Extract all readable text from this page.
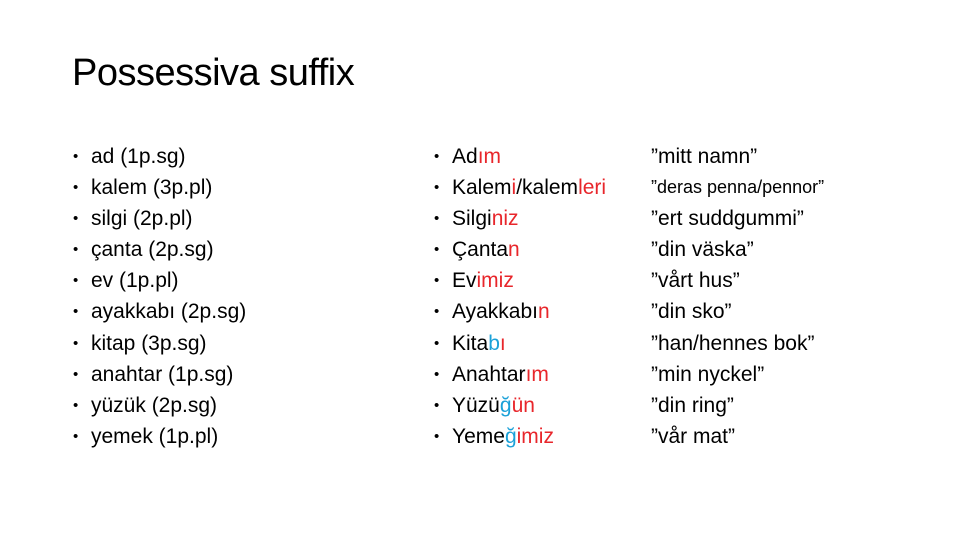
Possessiva suffix
• ad (1p.sg)
• kalem (3p.pl)
• silgi (2p.pl)
• çanta (2p.sg)
• ev (1p.pl)
• ayakkabı (2p.sg)
• kitap (3p.sg)
• anahtar (1p.sg)
• yüzük (2p.sg)
• yemek (1p.pl)
• Adım
• Kalemi/kalemleri
• Silginiz
• Çantan
• Evimiz
• Ayakkabın
• Kitabı
• Anahtarım
• Yüzüğün
• Yemeğimiz
”mitt namn”
”deras penna/pennor”
”ert suddgummi”
”din väska”
”vårt hus”
”din sko”
”han/hennes bok”
”min nyckel”
”din ring”
”vår mat”
